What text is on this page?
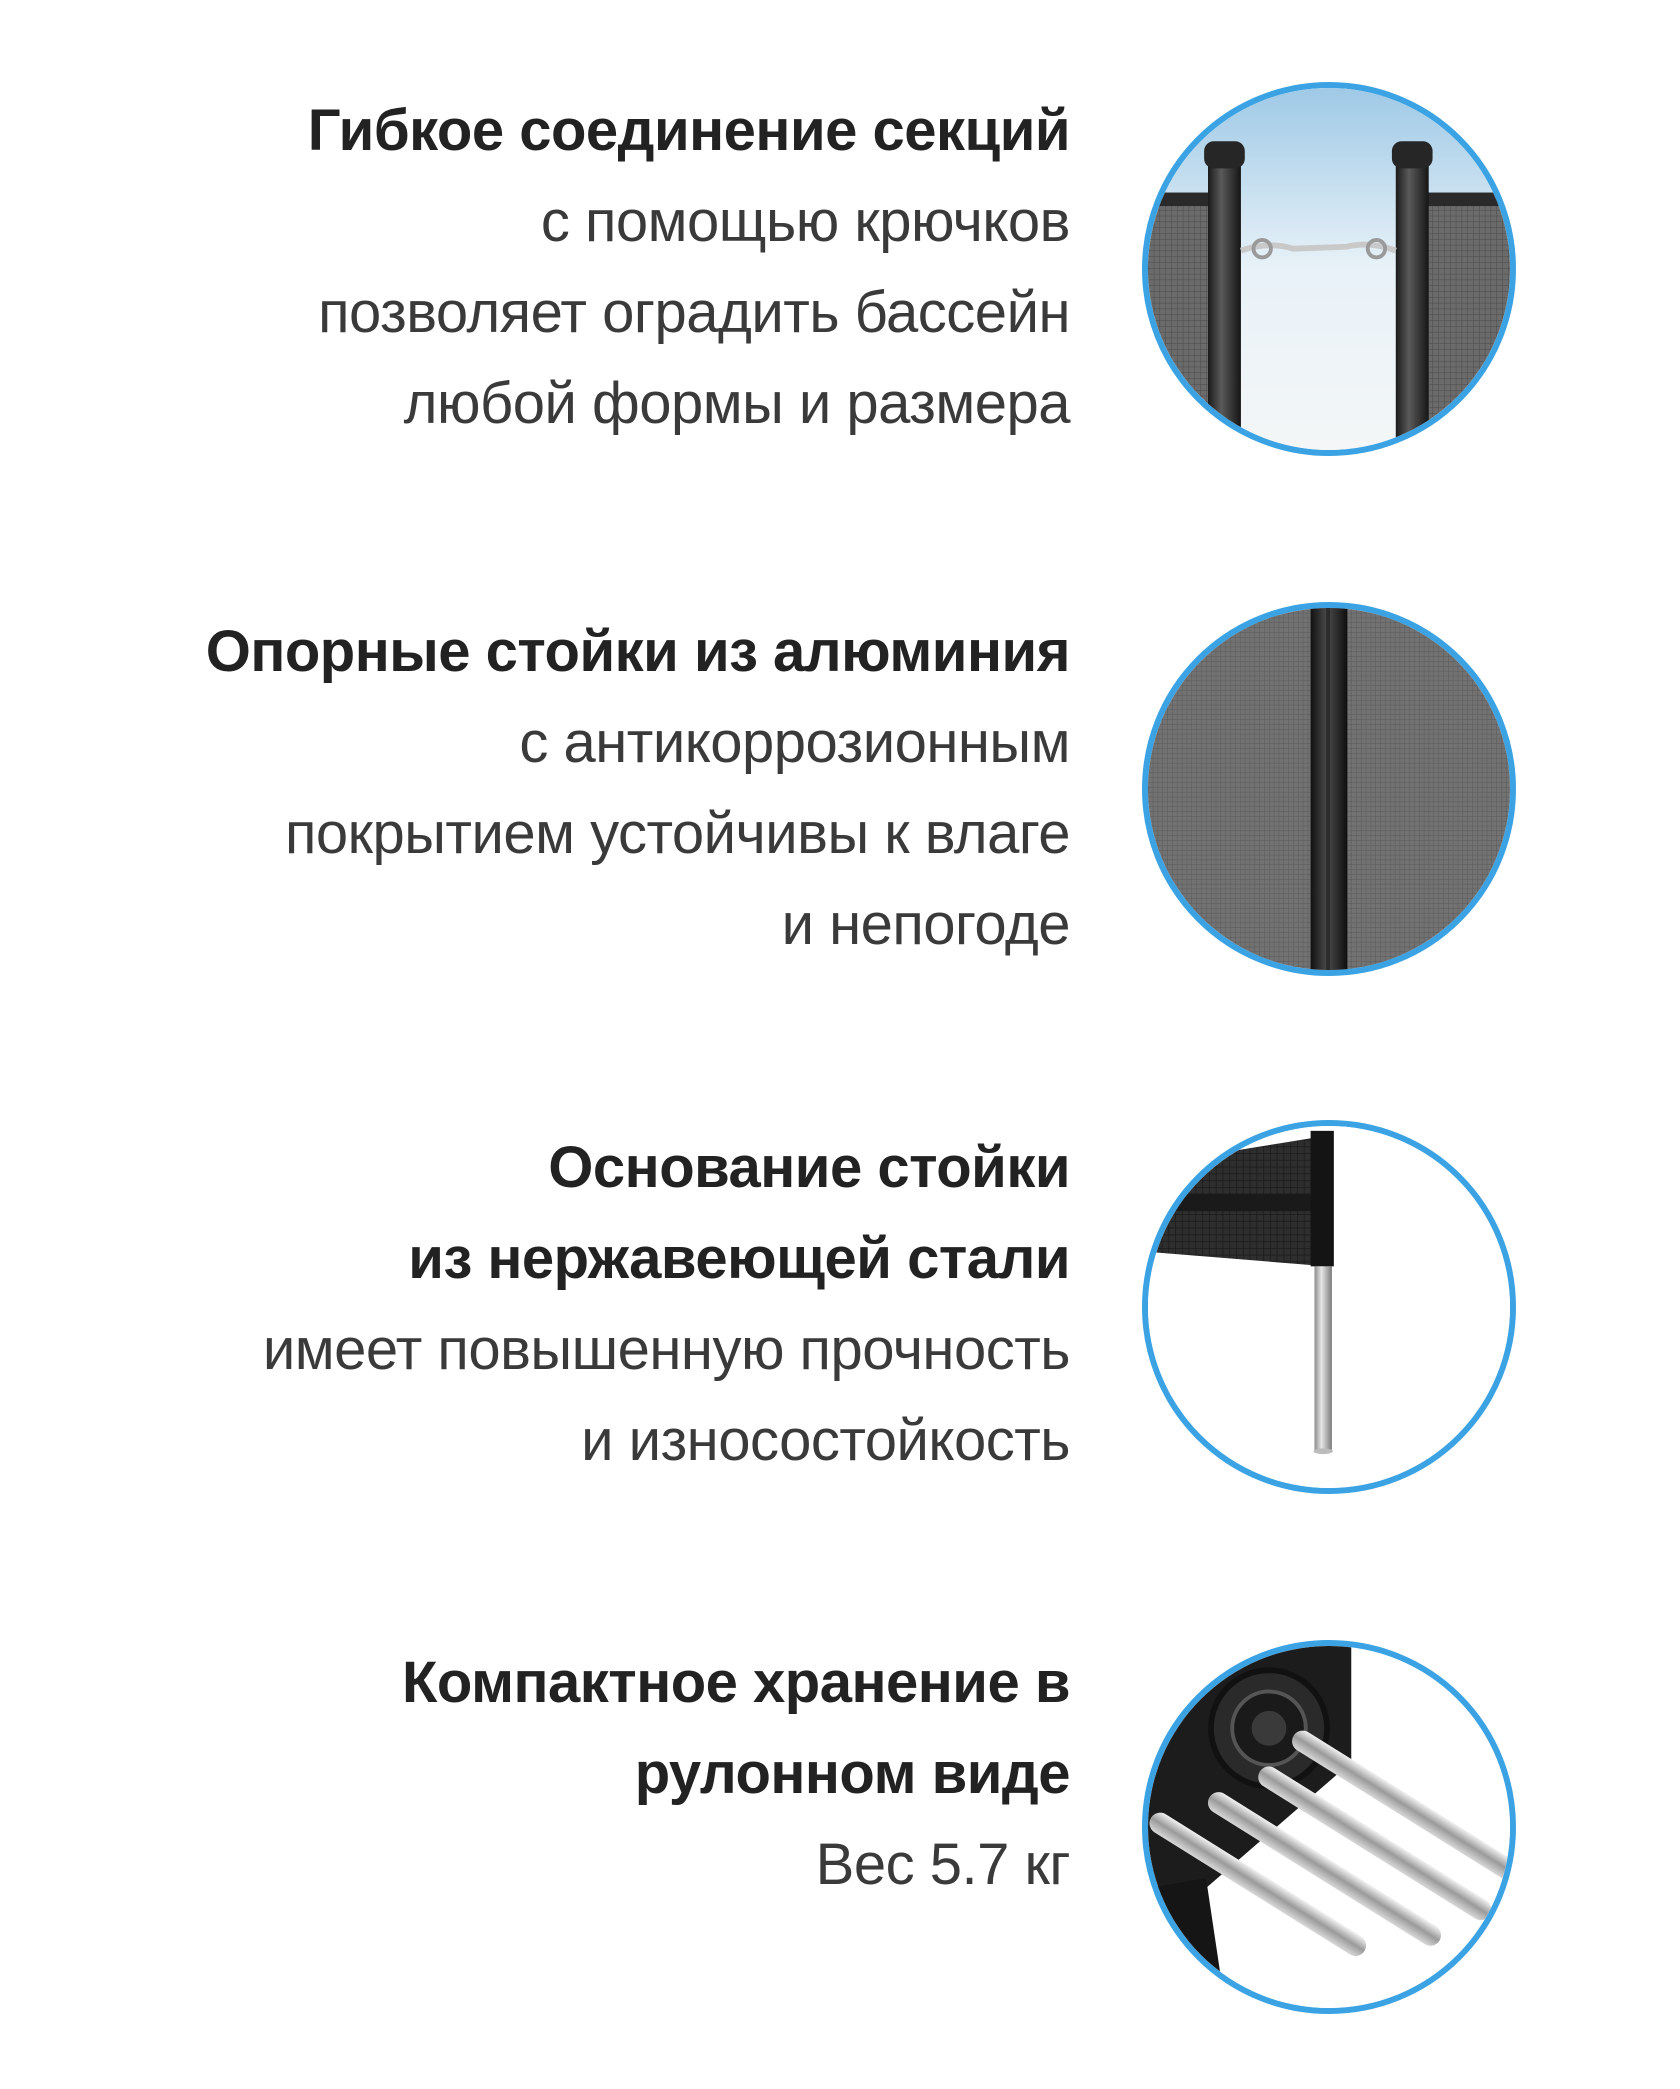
Гибкое соединение секций
с помощью крючков
позволяет оградить бассейн
любой формы и размера
Опорные стойки из алюминия
с антикоррозионным
покрытием устойчивы к влаге
и непогоде
Основание стойки
из нержавеющей стали
имеет повышенную прочность
и износостойкость
Компактное хранение в
рулонном виде
Вес 5.7 кг
